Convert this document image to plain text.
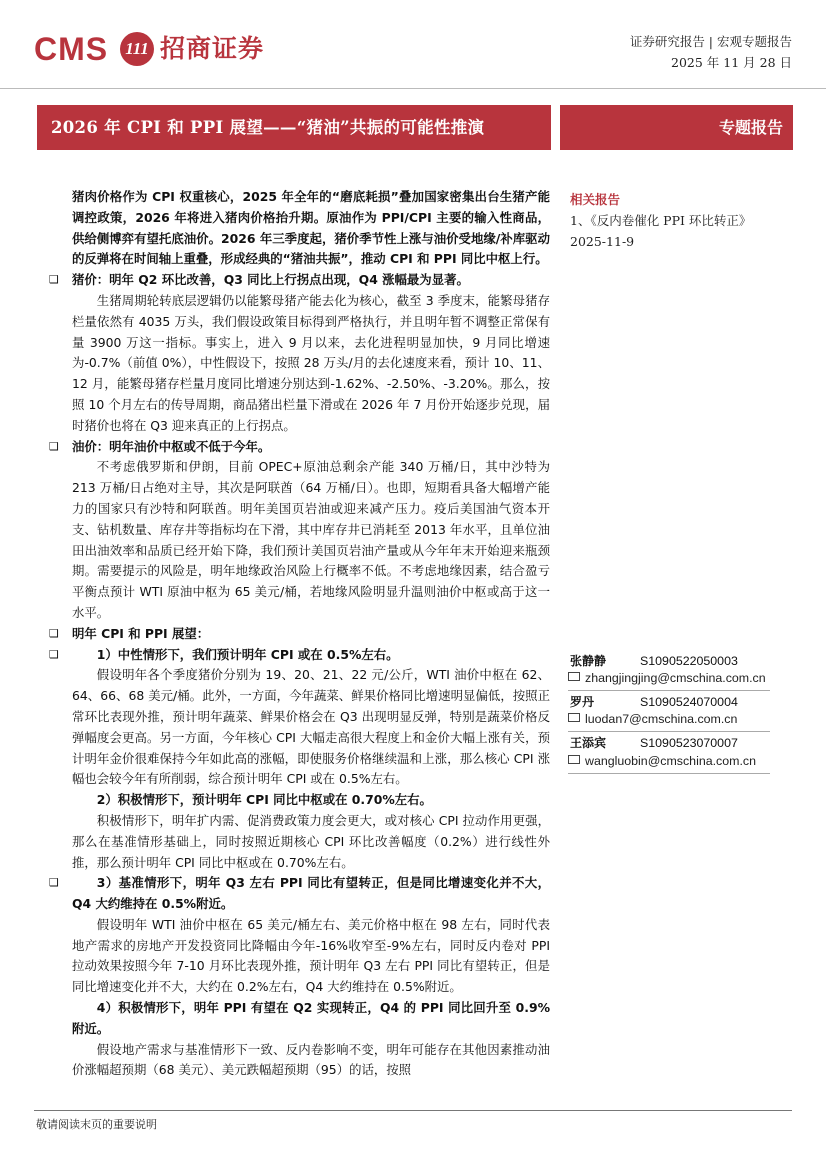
CMS	111 招商证券	证券研究报告 | 宏观专题报告
2025 年 11 月 28 日
2026 年 CPI 和 PPI 展望——“猪油”共振的可能性推演	专题报告

猪肉价格作为 CPI 权重核心，2025 年全年的“磨底耗损”叠加国家密集出台生猪产能调控政策，2026 年将进入猪肉价格抬升期。原油作为 PPI/CPI 主要的输入性商品，供给侧博弈有望托底油价。2026 年三季度起，猪价季节性上涨与油价受地缘/补库驱动的反弹将在时间轴上重叠，形成经典的“猪油共振”，推动 CPI 和 PPI 同比中枢上行。

❑ 猪价：明年 Q2 环比改善，Q3 同比上行拐点出现，Q4 涨幅最为显著。

生猪周期轮转底层逻辑仍以能繁母猪产能去化为核心，截至 3 季度末，能繁母猪存栏量依然有 4035 万头，我们假设政策目标得到严格执行，并且明年暂不调整正常保有量 3900 万这一指标。事实上，进入 9 月以来，去化进程明显加快，9 月同比增速为-0.7%（前值 0%），中性假设下，按照 28 万头/月的去化速度来看，预计 10、11、12 月，能繁母猪存栏量月度同比增速分别达到-1.62%、-2.50%、-3.20%。那么，按照 10 个月左右的传导周期，商品猪出栏量下滑或在 2026 年 7 月份开始逐步兑现，届时猪价也将在 Q3 迎来真正的上行拐点。

❑ 油价：明年油价中枢或不低于今年。

不考虑俄罗斯和伊朗，目前 OPEC+原油总剩余产能 340 万桶/日，其中沙特为 213 万桶/日占绝对主导，其次是阿联酋（64 万桶/日）。也即，短期看具备大幅增产能力的国家只有沙特和阿联酋。明年美国页岩油或迎来减产压力。疫后美国油气资本开支、钻机数量、库存井等指标均在下滑，其中库存井已消耗至 2013 年水平，且单位油田出油效率和品质已经开始下降，我们预计美国页岩油产量或从今年年末开始迎来瓶颈期。需要提示的风险是，明年地缘政治风险上行概率不低。不考虑地缘因素，结合盈亏平衡点预计 WTI 原油中枢为 65 美元/桶，若地缘风险明显升温则油价中枢或高于这一水平。

❑ 明年 CPI 和 PPI 展望：

❑	1）中性情形下，我们预计明年 CPI 或在 0.5%左右。

假设明年各个季度猪价分别为 19、20、21、22 元/公斤，WTI 油价中枢在 62、64、66、68 美元/桶。此外，一方面，今年蔬菜、鲜果价格同比增速明显偏低，按照正常环比表现外推，预计明年蔬菜、鲜果价格会在 Q3 出现明显反弹，特别是蔬菜价格反弹幅度会更高。另一方面，今年核心 CPI 大幅走高很大程度上和金价大幅上涨有关，预计明年金价很难保持今年如此高的涨幅，即使服务价格继续温和上涨，那么核心 CPI 涨幅也会较今年有所削弱，综合预计明年 CPI 或在 0.5%左右。

2）积极情形下，预计明年 CPI 同比中枢或在 0.70%左右。

积极情形下，明年扩内需、促消费政策力度会更大，或对核心 CPI 拉动作用更强，那么在基准情形基础上，同时按照近期核心 CPI 环比改善幅度（0.2%）进行线性外推，那么预计明年 CPI 同比中枢或在 0.70%左右。

❑	3）基准情形下，明年 Q3 左右 PPI 同比有望转正，但是同比增速变化并不大，Q4 大约维持在 0.5%附近。

假设明年 WTI 油价中枢在 65 美元/桶左右、美元价格中枢在 98 左右，同时代表地产需求的房地产开发投资同比降幅由今年-16%收窄至-9%左右，同时反内卷对 PPI 拉动效果按照今年 7-10 月环比表现外推，预计明年 Q3 左右 PPI 同比有望转正，但是同比增速变化并不大，大约在 0.2%左右，Q4 大约维持在 0.5%附近。

4）积极情形下，明年 PPI 有望在 Q2 实现转正，Q4 的 PPI 同比回升至 0.9%附近。

假设地产需求与基准情形下一致、反内卷影响不变，明年可能存在其他因素推动油价涨幅超预期（68 美元）、美元跌幅超预期（95）的话，按照

相关报告
1、《反内卷催化 PPI 环比转正》2025-11-9
张静静	S1090522050003
zhangjingjing@cmschina.com.cn
罗丹	S1090524070004
luodan7@cmschina.com.cn
王添宾	S1090523070007
wangluobin@cmschina.com.cn
敬请阅读末页的重要说明
